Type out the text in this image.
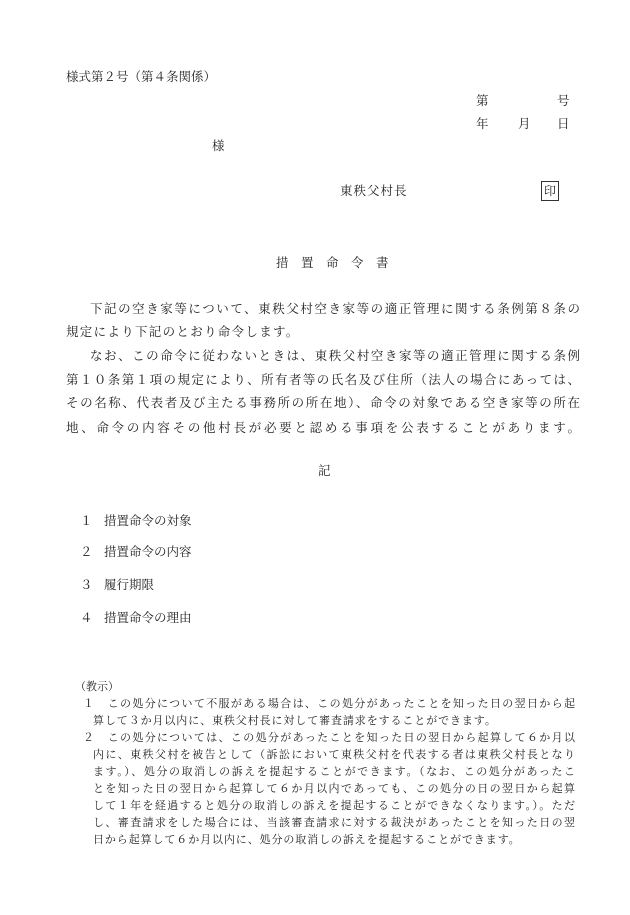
様式第２号（第４条関係）
第	号
年 月 日
様
東秩父村長	印
措　置　命　令　書
下記の空き家等について、東秩父村空き家等の適正管理に関する条例第８条の
規定により下記のとおり命令します。
なお、この命令に従わないときは、東秩父村空き家等の適正管理に関する条例
第１０条第１項の規定により、所有者等の氏名及び住所（法人の場合にあっては、
その名称、代表者及び主たる事務所の所在地）、命令の対象である空き家等の所在
地、命令の内容その他村長が必要と認める事項を公表することがあります。
記
１ 措置命令の対象
２ 措置命令の内容
３ 履行期限
４ 措置命令の理由
（教示）
１　この処分について不服がある場合は、この処分があったことを知った日の翌日から起
算して３か月以内に、東秩父村長に対して審査請求をすることができます。
２　この処分については、この処分があったことを知った日の翌日から起算して６か月以
内に、東秩父村を被告として（訴訟において東秩父村を代表する者は東秩父村長となり
ます。）、処分の取消しの訴えを提起することができます。（なお、この処分があったこ
とを知った日の翌日から起算して６か月以内であっても、この処分の日の翌日から起算
して１年を経過すると処分の取消しの訴えを提起することができなくなります。）。ただ
し、審査請求をした場合には、当該審査請求に対する裁決があったことを知った日の翌
日から起算して６か月以内に、処分の取消しの訴えを提起することができます。
